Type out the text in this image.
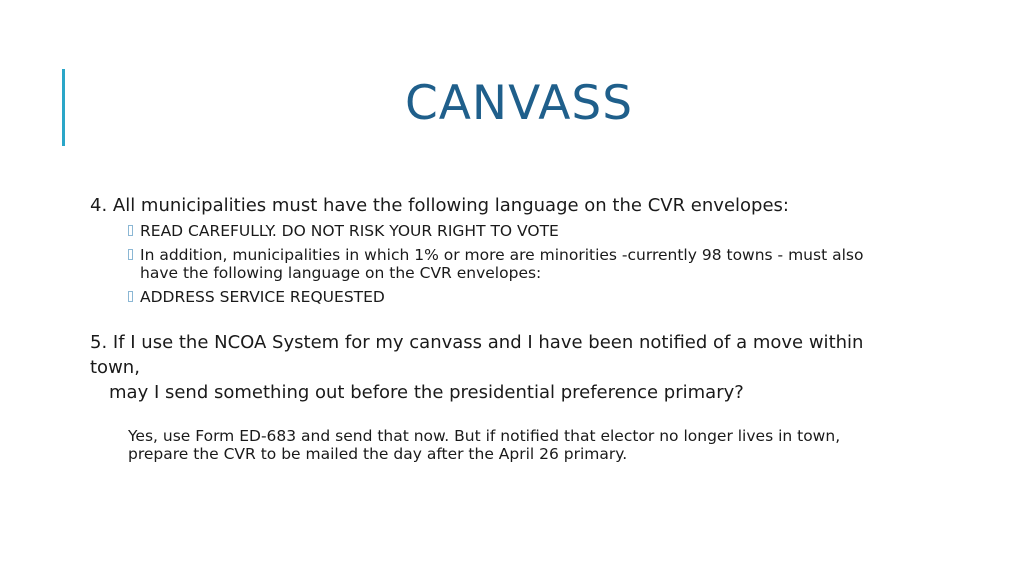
CANVASS
4. All municipalities must have the following language on the CVR envelopes:
READ CAREFULLY. DO NOT RISK YOUR RIGHT TO VOTE
In addition, municipalities in which 1% or more are minorities -currently 98 towns - must also have the following language on the CVR envelopes:
ADDRESS SERVICE REQUESTED
5. If I use the NCOA System for my canvass and I have been notified of a move within town,
may I send something out before the presidential preference primary?
Yes, use Form ED-683 and send that now. But if notified that elector no longer lives in town, prepare the CVR to be mailed the day after the April 26 primary.
